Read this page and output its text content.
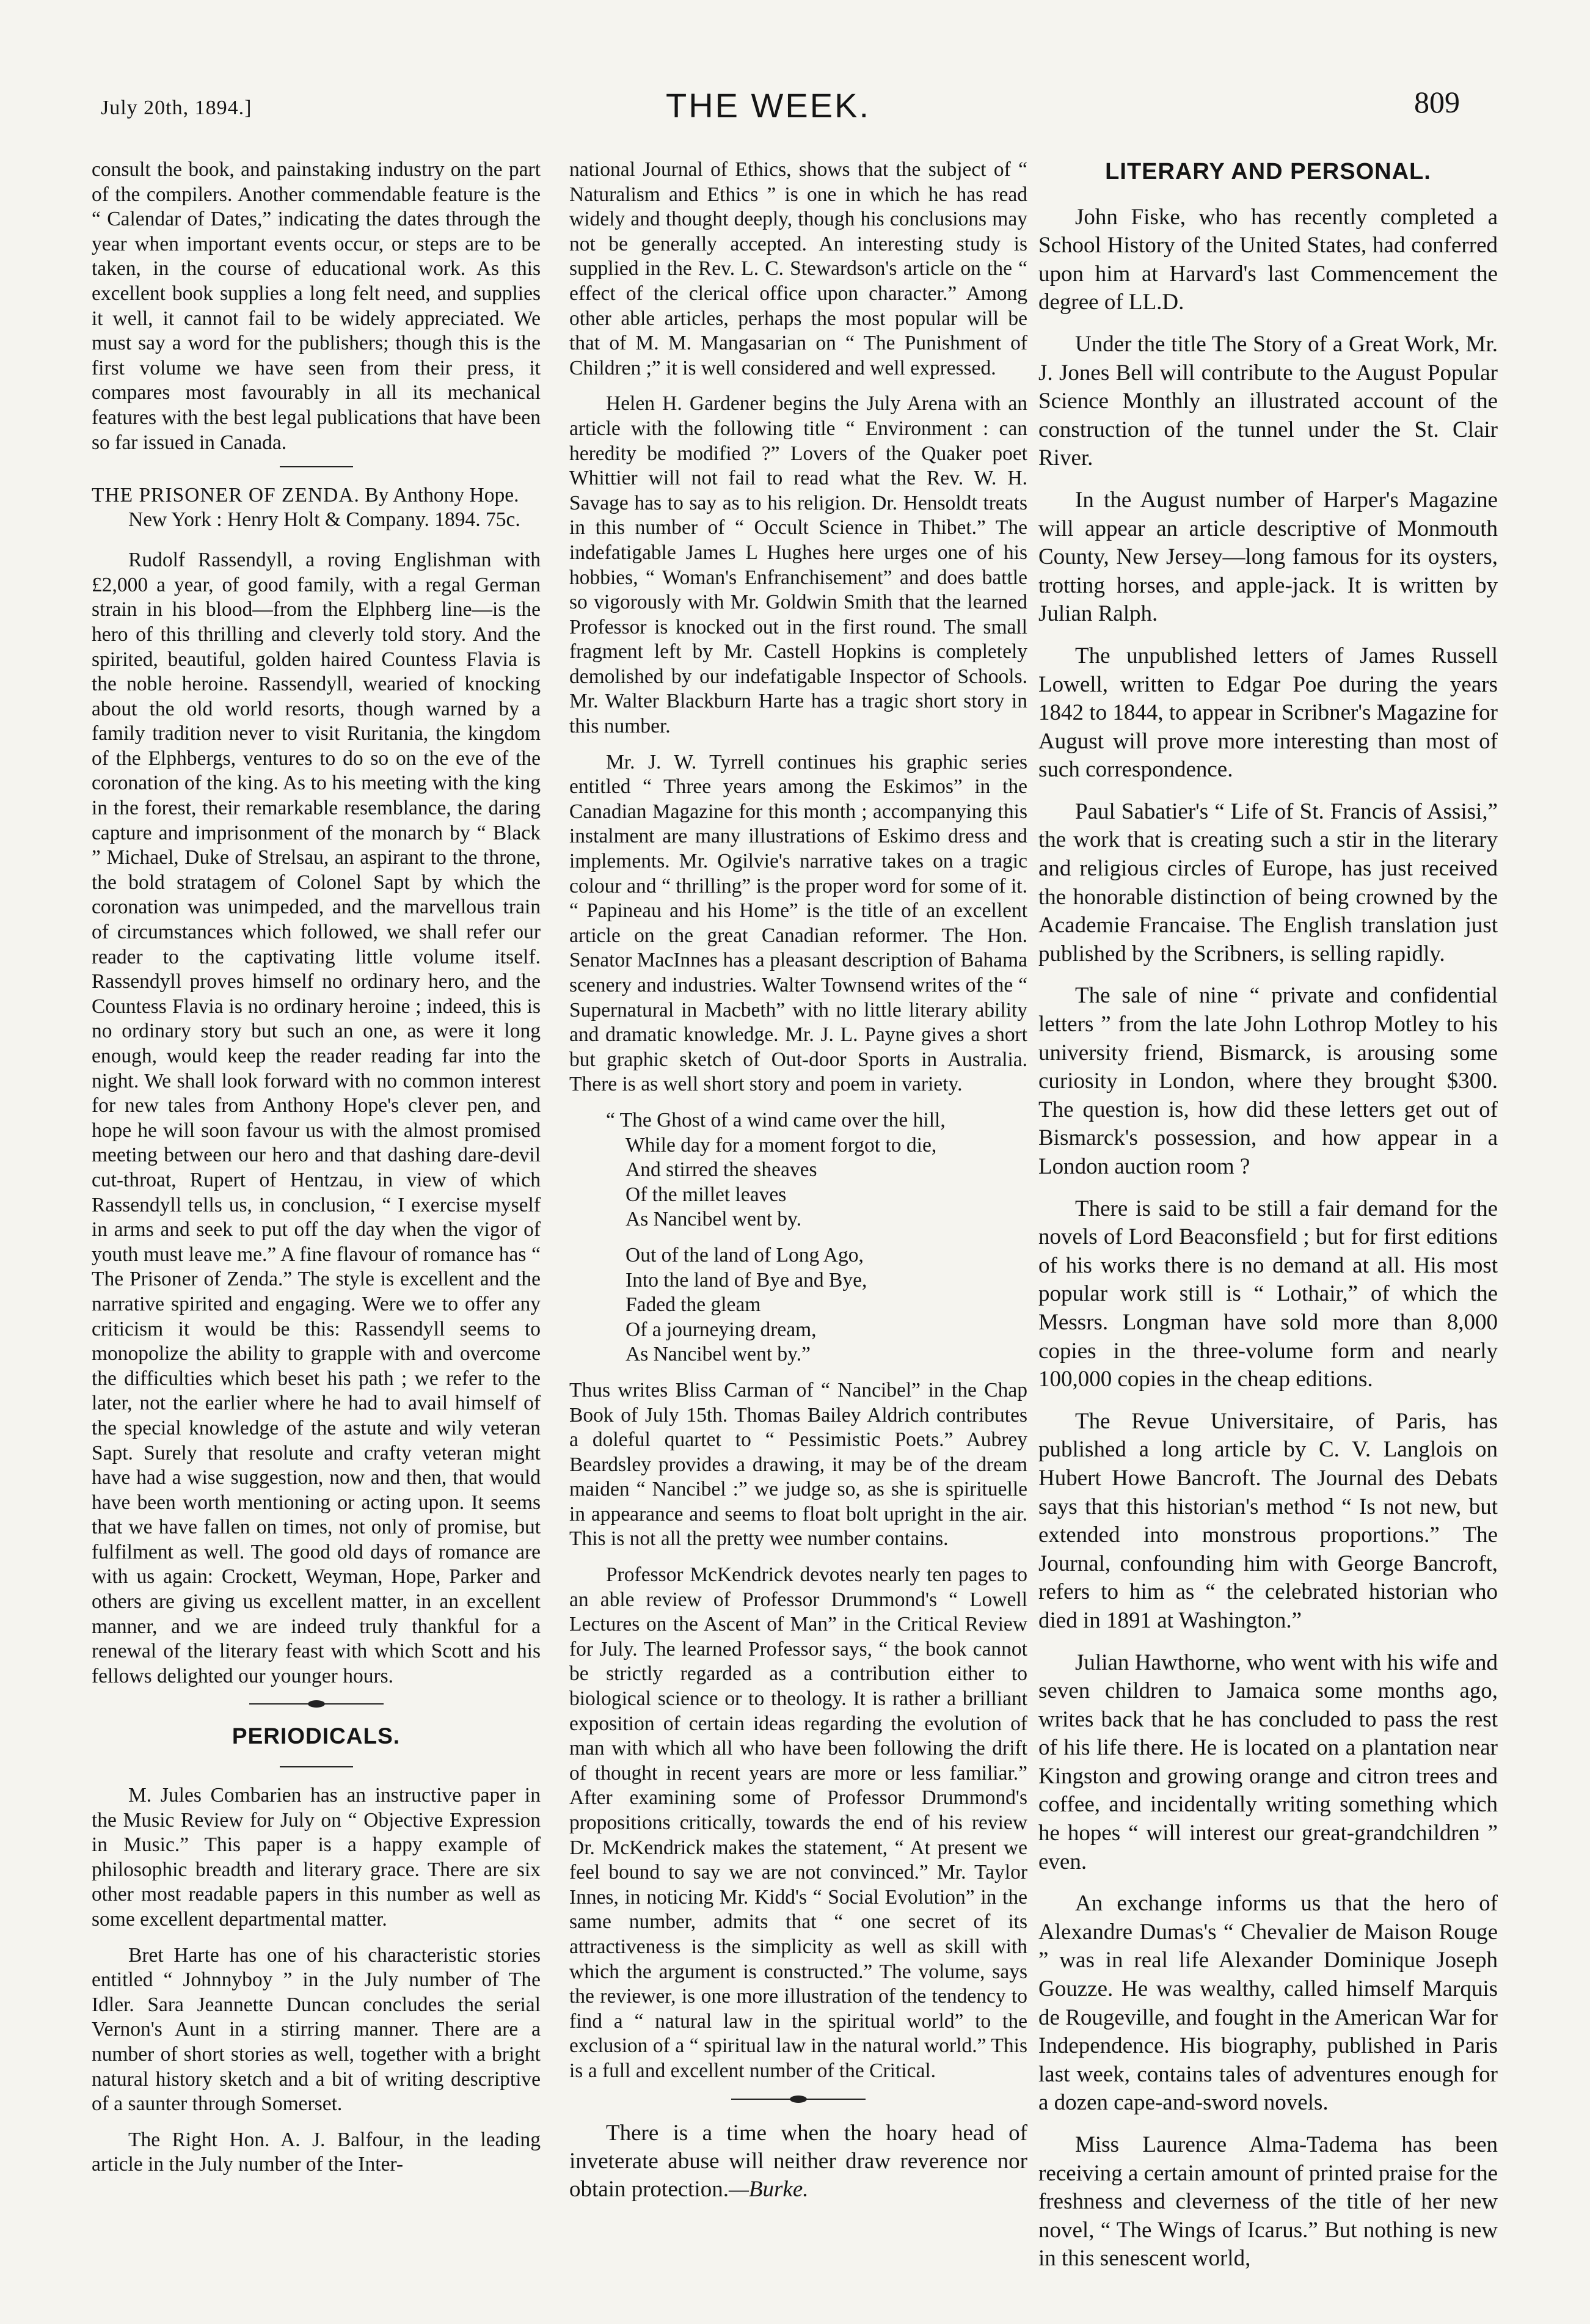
July 20th, 1894.]	THE WEEK.	809

consult the book, and painstaking industry on the part of the compilers. Another commendable feature is the “ Calendar of Dates,” indicating the dates through the year when important events occur, or steps are to be taken, in the course of educational work. As this excellent book supplies a long felt need, and supplies it well, it cannot fail to be widely appreciated. We must say a word for the publishers; though this is the first volume we have seen from their press, it compares most favourably in all its mechanical features with the best legal publications that have been so far issued in Canada.

THE PRISONER OF ZENDA. By Anthony Hope. New York : Henry Holt & Company. 1894. 75c.

Rudolf Rassendyll, a roving Englishman with £2,000 a year, of good family, with a regal German strain in his blood—from the Elphberg line—is the hero of this thrilling and cleverly told story. And the spirited, beautiful, golden haired Countess Flavia is the noble heroine. Rassendyll, wearied of knocking about the old world resorts, though warned by a family tradition never to visit Ruritania, the kingdom of the Elphbergs, ventures to do so on the eve of the coronation of the king. As to his meeting with the king in the forest, their remarkable resemblance, the daring capture and imprisonment of the monarch by “ Black ” Michael, Duke of Strelsau, an aspirant to the throne, the bold stratagem of Colonel Sapt by which the coronation was unimpeded, and the marvellous train of circumstances which followed, we shall refer our reader to the captivating little volume itself. Rassendyll proves himself no ordinary hero, and the Countess Flavia is no ordinary heroine ; indeed, this is no ordinary story but such an one, as were it long enough, would keep the reader reading far into the night. We shall look forward with no common interest for new tales from Anthony Hope's clever pen, and hope he will soon favour us with the almost promised meeting between our hero and that dashing dare-devil cut-throat, Rupert of Hentzau, in view of which Rassendyll tells us, in conclusion, “ I exercise myself in arms and seek to put off the day when the vigor of youth must leave me.” A fine flavour of romance has “ The Prisoner of Zenda.” The style is excellent and the narrative spirited and engaging. Were we to offer any criticism it would be this: Rassendyll seems to monopolize the ability to grapple with and overcome the difficulties which beset his path ; we refer to the later, not the earlier where he had to avail himself of the special knowledge of the astute and wily veteran Sapt. Surely that resolute and crafty veteran might have had a wise suggestion, now and then, that would have been worth mentioning or acting upon. It seems that we have fallen on times, not only of promise, but fulfilment as well. The good old days of romance are with us again: Crockett, Weyman, Hope, Parker and others are giving us excellent matter, in an excellent manner, and we are indeed truly thankful for a renewal of the literary feast with which Scott and his fellows delighted our younger hours.

PERIODICALS.

M. Jules Combarien has an instructive paper in the Music Review for July on “ Objective Expression in Music.” This paper is a happy example of philosophic breadth and literary grace. There are six other most readable papers in this number as well as some excellent departmental matter.

Bret Harte has one of his characteristic stories entitled “ Johnnyboy ” in the July number of The Idler. Sara Jeannette Duncan concludes the serial Vernon's Aunt in a stirring manner. There are a number of short stories as well, together with a bright natural history sketch and a bit of writing descriptive of a saunter through Somerset.

The Right Hon. A. J. Balfour, in the leading article in the July number of the Inter-

national Journal of Ethics, shows that the subject of “ Naturalism and Ethics ” is one in which he has read widely and thought deeply, though his conclusions may not be generally accepted. An interesting study is supplied in the Rev. L. C. Stewardson's article on the “ effect of the clerical office upon character.” Among other able articles, perhaps the most popular will be that of M. M. Mangasarian on “ The Punishment of Children ;” it is well considered and well expressed.

Helen H. Gardener begins the July Arena with an article with the following title “ Environment : can heredity be modified ?” Lovers of the Quaker poet Whittier will not fail to read what the Rev. W. H. Savage has to say as to his religion. Dr. Hensoldt treats in this number of “ Occult Science in Thibet.” The indefatigable James L Hughes here urges one of his hobbies, “ Woman's Enfranchisement” and does battle so vigorously with Mr. Goldwin Smith that the learned Professor is knocked out in the first round. The small fragment left by Mr. Castell Hopkins is completely demolished by our indefatigable Inspector of Schools. Mr. Walter Blackburn Harte has a tragic short story in this number.

Mr. J. W. Tyrrell continues his graphic series entitled “ Three years among the Eskimos” in the Canadian Magazine for this month ; accompanying this instalment are many illustrations of Eskimo dress and implements. Mr. Ogilvie's narrative takes on a tragic colour and “ thrilling” is the proper word for some of it. “ Papineau and his Home” is the title of an excellent article on the great Canadian reformer. The Hon. Senator MacInnes has a pleasant description of Bahama scenery and industries. Walter Townsend writes of the “ Supernatural in Macbeth” with no little literary ability and dramatic knowledge. Mr. J. L. Payne gives a short but graphic sketch of Out-door Sports in Australia. There is as well short story and poem in variety.

“ The Ghost of a wind came over the hill,
While day for a moment forgot to die,
And stirred the sheaves
Of the millet leaves
As Nancibel went by.
Out of the land of Long Ago,
Into the land of Bye and Bye,
Faded the gleam
Of a journeying dream,
As Nancibel went by.”

Thus writes Bliss Carman of “ Nancibel” in the Chap Book of July 15th. Thomas Bailey Aldrich contributes a doleful quartet to “ Pessimistic Poets.” Aubrey Beardsley provides a drawing, it may be of the dream maiden “ Nancibel :” we judge so, as she is spirituelle in appearance and seems to float bolt upright in the air. This is not all the pretty wee number contains.

Professor McKendrick devotes nearly ten pages to an able review of Professor Drummond's “ Lowell Lectures on the Ascent of Man” in the Critical Review for July. The learned Professor says, “ the book cannot be strictly regarded as a contribution either to biological science or to theology. It is rather a brilliant exposition of certain ideas regarding the evolution of man with which all who have been following the drift of thought in recent years are more or less familiar.” After examining some of Professor Drummond's propositions critically, towards the end of his review Dr. McKendrick makes the statement, “ At present we feel bound to say we are not convinced.” Mr. Taylor Innes, in noticing Mr. Kidd's “ Social Evolution” in the same number, admits that “ one secret of its attractiveness is the simplicity as well as skill with which the argument is constructed.” The volume, says the reviewer, is one more illustration of the tendency to find a “ natural law in the spiritual world” to the exclusion of a “ spiritual law in the natural world.” This is a full and excellent number of the Critical.

There is a time when the hoary head of inveterate abuse will neither draw reverence nor obtain protection.—Burke.

LITERARY AND PERSONAL.

John Fiske, who has recently completed a School History of the United States, had conferred upon him at Harvard's last Commencement the degree of LL.D.

Under the title The Story of a Great Work, Mr. J. Jones Bell will contribute to the August Popular Science Monthly an illustrated account of the construction of the tunnel under the St. Clair River.

In the August number of Harper's Magazine will appear an article descriptive of Monmouth County, New Jersey—long famous for its oysters, trotting horses, and apple-jack. It is written by Julian Ralph.

The unpublished letters of James Russell Lowell, written to Edgar Poe during the years 1842 to 1844, to appear in Scribner's Magazine for August will prove more interesting than most of such correspondence.

Paul Sabatier's “ Life of St. Francis of Assisi,” the work that is creating such a stir in the literary and religious circles of Europe, has just received the honorable distinction of being crowned by the Academie Francaise. The English translation just published by the Scribners, is selling rapidly.

The sale of nine “ private and confidential letters ” from the late John Lothrop Motley to his university friend, Bismarck, is arousing some curiosity in London, where they brought $300. The question is, how did these letters get out of Bismarck's possession, and how appear in a London auction room ?

There is said to be still a fair demand for the novels of Lord Beaconsfield ; but for first editions of his works there is no demand at all. His most popular work still is “ Lothair,” of which the Messrs. Longman have sold more than 8,000 copies in the three-volume form and nearly 100,000 copies in the cheap editions.

The Revue Universitaire, of Paris, has published a long article by C. V. Langlois on Hubert Howe Bancroft. The Journal des Debats says that this historian's method “ Is not new, but extended into monstrous proportions.” The Journal, confounding him with George Bancroft, refers to him as “ the celebrated historian who died in 1891 at Washington.”

Julian Hawthorne, who went with his wife and seven children to Jamaica some months ago, writes back that he has concluded to pass the rest of his life there. He is located on a plantation near Kingston and growing orange and citron trees and coffee, and incidentally writing something which he hopes “ will interest our great-grandchildren ” even.

An exchange informs us that the hero of Alexandre Dumas's “ Chevalier de Maison Rouge ” was in real life Alexander Dominique Joseph Gouzze. He was wealthy, called himself Marquis de Rougeville, and fought in the American War for Independence. His biography, published in Paris last week, contains tales of adventures enough for a dozen cape-and-sword novels.

Miss Laurence Alma-Tadema has been receiving a certain amount of printed praise for the freshness and cleverness of the title of her new novel, “ The Wings of Icarus.” But nothing is new in this senescent world,
